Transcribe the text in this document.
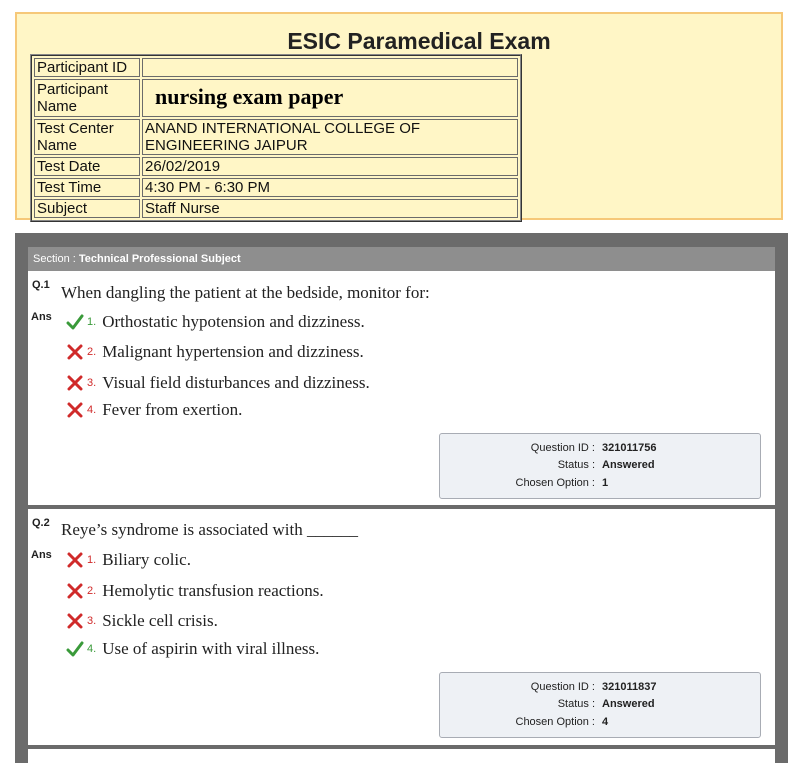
ESIC Paramedical Exam
Participant ID	
Participant Name	nursing exam paper
Test Center Name	ANAND INTERNATIONAL COLLEGE OF ENGINEERING JAIPUR
Test Date	26/02/2019
Test Time	4:30 PM - 6:30 PM
Subject	Staff Nurse
Section : Technical Professional Subject
Q.1 When dangling the patient at the bedside, monitor for:
Ans	1. Orthostatic hypotension and dizziness.
2. Malignant hypertension and dizziness.
3. Visual field disturbances and dizziness.
4. Fever from exertion.
Question ID : 321011756
Status : Answered
Chosen Option : 1
Q.2 Reye’s syndrome is associated with ______
Ans	1. Biliary colic.
2. Hemolytic transfusion reactions.
3. Sickle cell crisis.
4. Use of aspirin with viral illness.
Question ID : 321011837
Status : Answered
Chosen Option : 4
